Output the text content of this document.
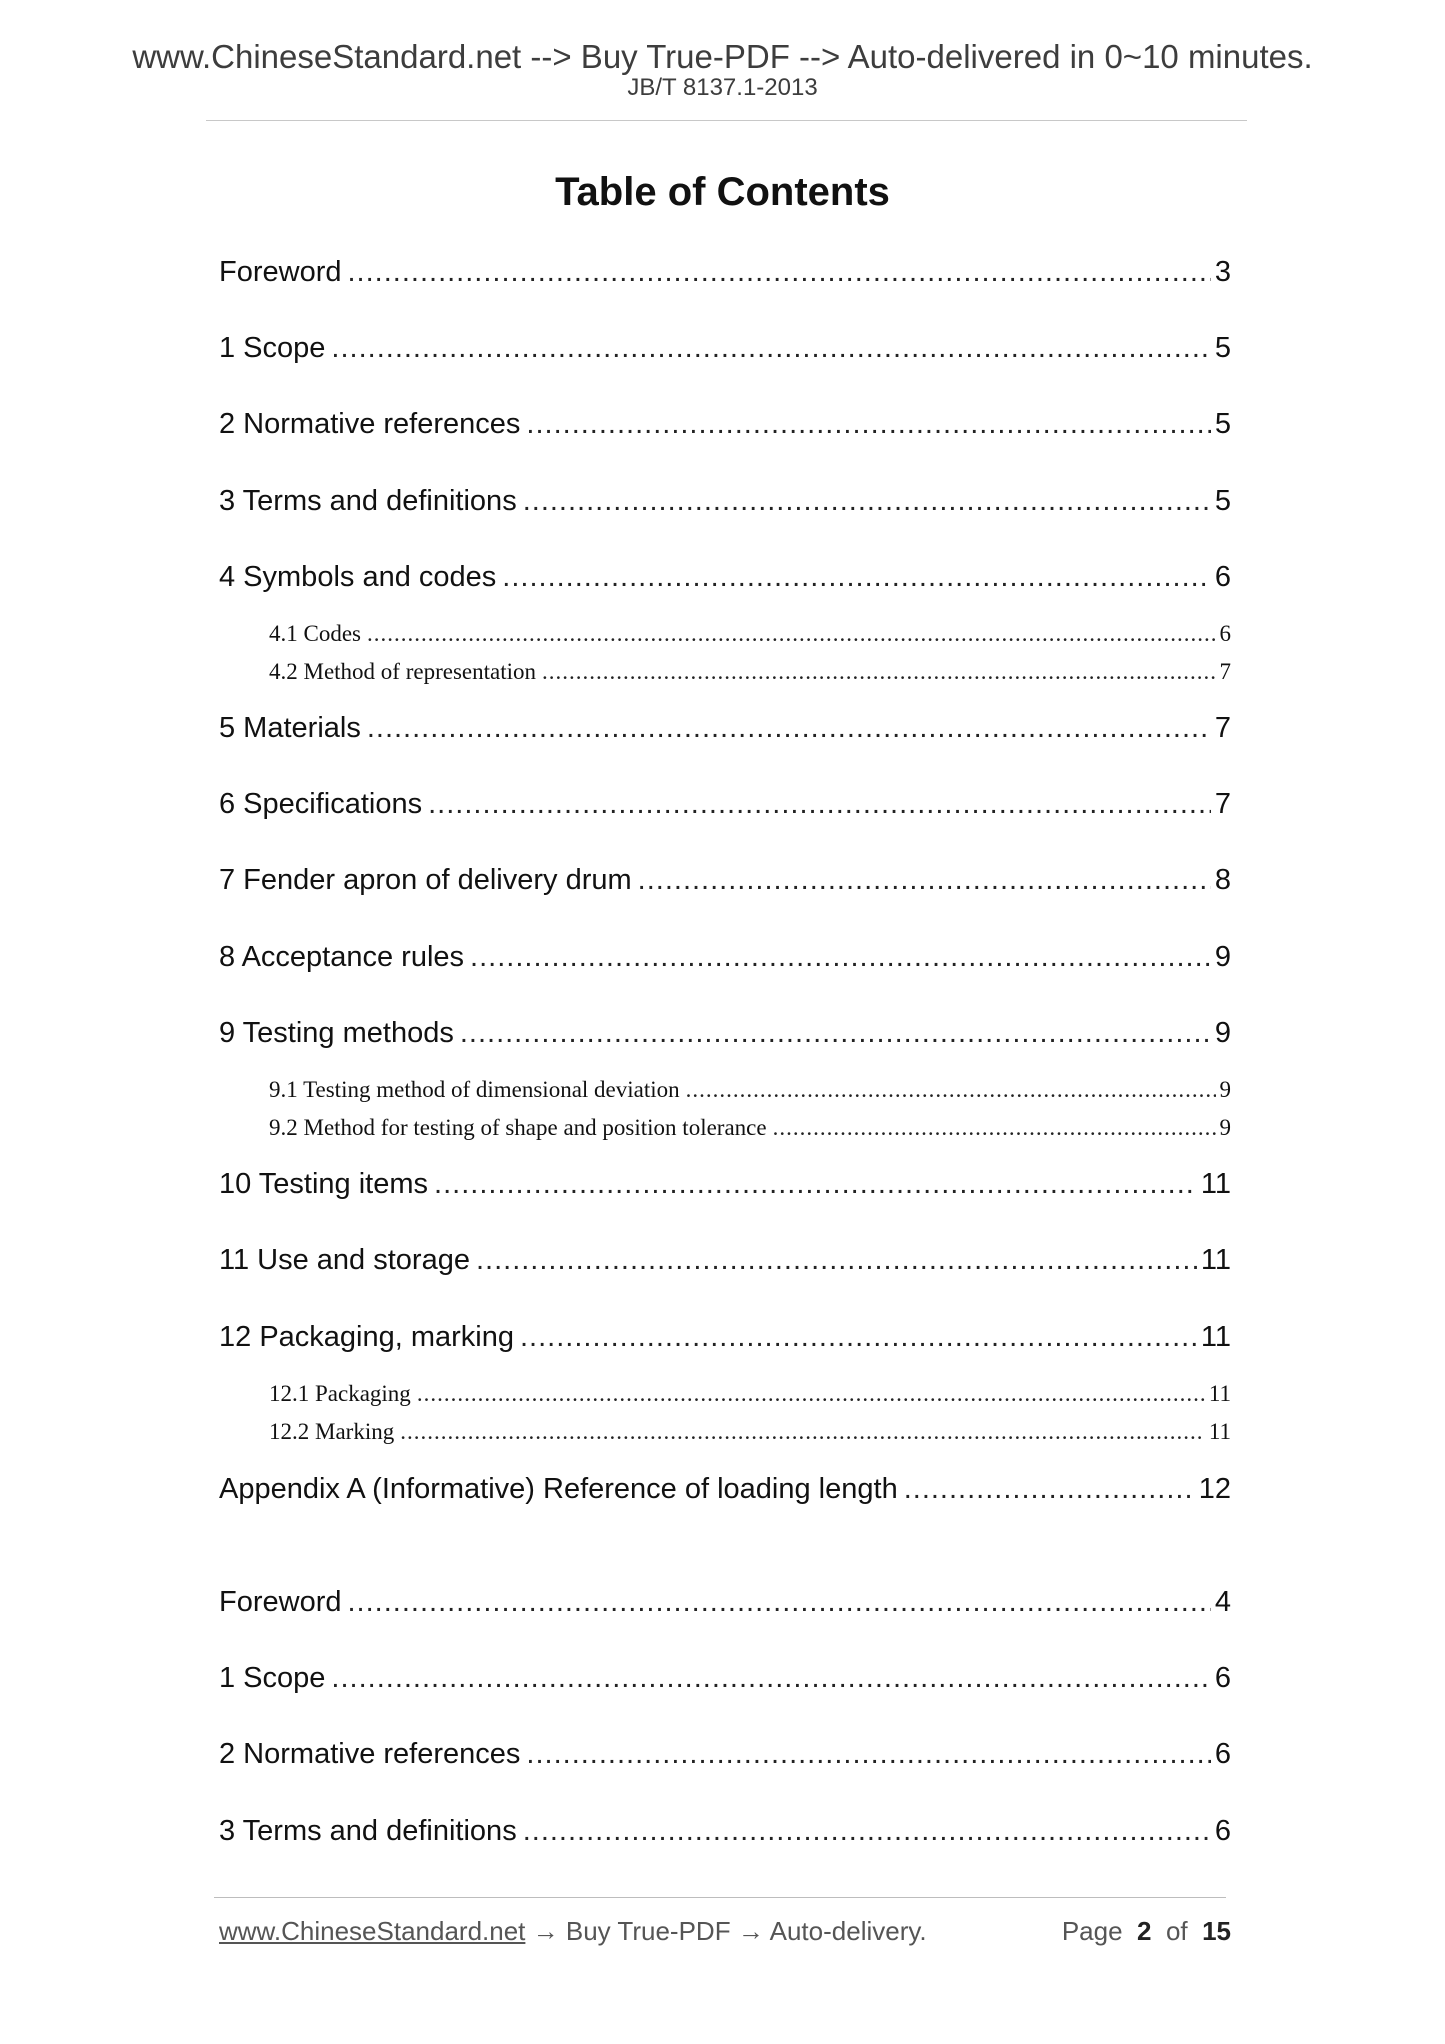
www.ChineseStandard.net --> Buy True-PDF --> Auto-delivered in 0~10 minutes.
JB/T 8137.1-2013
Table of Contents
Foreword .....	3
1 Scope .....	5
2 Normative references .....	5
3 Terms and definitions .....	5
4 Symbols and codes .....	6
4.1 Codes .....	6
4.2 Method of representation .....	7
5 Materials .....	7
6 Specifications .....	7
7 Fender apron of delivery drum .....	8
8 Acceptance rules .....	9
9 Testing methods .....	9
9.1 Testing method of dimensional deviation .....	9
9.2 Method for testing of shape and position tolerance .....	9
10 Testing items .....	11
11 Use and storage .....	11
12 Packaging, marking .....	11
12.1 Packaging .....	11
12.2 Marking .....	11
Appendix A (Informative) Reference of loading length .....	12
Foreword .....	4
1 Scope .....	6
2 Normative references .....	6
3 Terms and definitions .....	6
www.ChineseStandard.net → Buy True-PDF → Auto-delivery.	Page 2 of 15
